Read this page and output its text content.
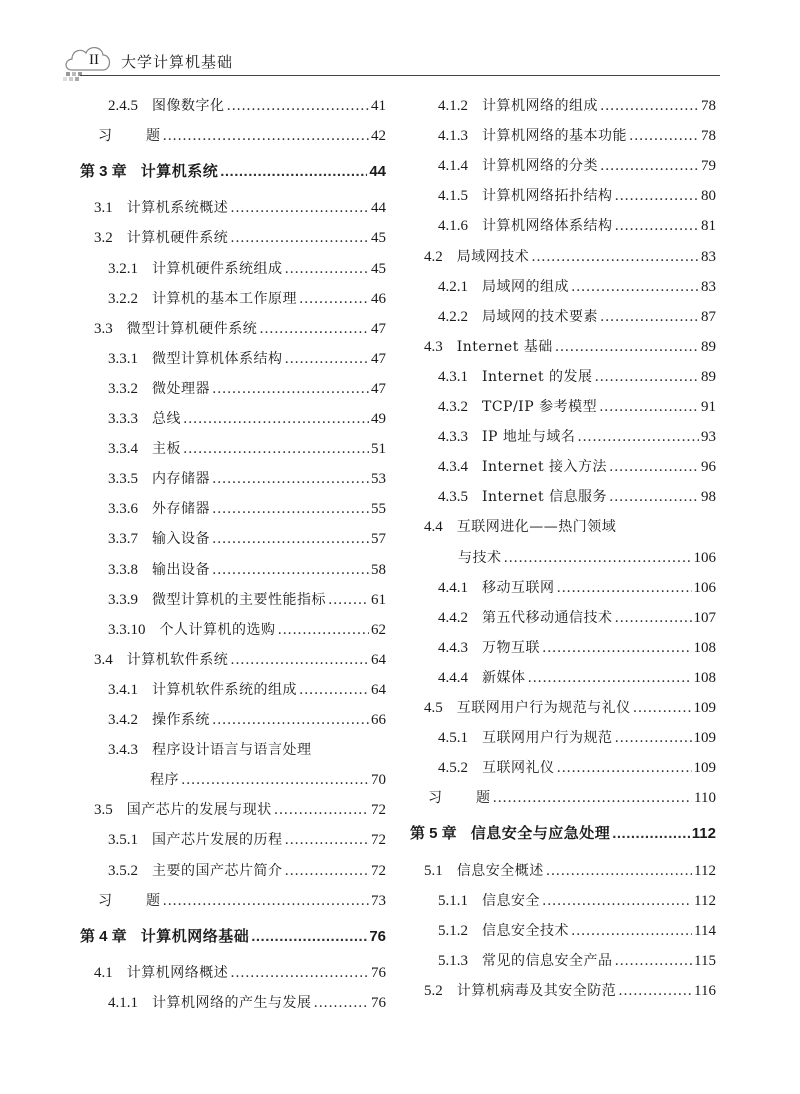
II 大学计算机基础
2.4.5 图像数字化 .....	41
习 题 .....	42
第 3 章 计算机系统 .....	44
3.1 计算机系统概述 .....	44
3.2 计算机硬件系统 .....	45
3.2.1 计算机硬件系统组成 .....	45
3.2.2 计算机的基本工作原理 .....	46
3.3 微型计算机硬件系统 .....	47
3.3.1 微型计算机体系结构 .....	47
3.3.2 微处理器 .....	47
3.3.3 总线 .....	49
3.3.4 主板 .....	51
3.3.5 内存储器 .....	53
3.3.6 外存储器 .....	55
3.3.7 输入设备 .....	57
3.3.8 输出设备 .....	58
3.3.9 微型计算机的主要性能指标 .....	61
3.3.10 个人计算机的选购 .....	62
3.4 计算机软件系统 .....	64
3.4.1 计算机软件系统的组成 .....	64
3.4.2 操作系统 .....	66
3.4.3 程序设计语言与语言处理
程序 .....	70
3.5 国产芯片的发展与现状 .....	72
3.5.1 国产芯片发展的历程 .....	72
3.5.2 主要的国产芯片简介 .....	72
习 题 .....	73
第 4 章 计算机网络基础 .....	76
4.1 计算机网络概述 .....	76
4.1.1 计算机网络的产生与发展 .....	76
4.1.2 计算机网络的组成 .....	78
4.1.3 计算机网络的基本功能 .....	78
4.1.4 计算机网络的分类 .....	79
4.1.5 计算机网络拓扑结构 .....	80
4.1.6 计算机网络体系结构 .....	81
4.2 局域网技术 .....	83
4.2.1 局域网的组成 .....	83
4.2.2 局域网的技术要素 .....	87
4.3 Internet 基础 .....	89
4.3.1 Internet 的发展 .....	89
4.3.2 TCP/IP 参考模型 .....	91
4.3.3 IP 地址与域名 .....	93
4.3.4 Internet 接入方法 .....	96
4.3.5 Internet 信息服务 .....	98
4.4 互联网进化——热门领域
与技术 .....	106
4.4.1 移动互联网 .....	106
4.4.2 第五代移动通信技术 .....	107
4.4.3 万物互联 .....	108
4.4.4 新媒体 .....	108
4.5 互联网用户行为规范与礼仪 .....	109
4.5.1 互联网用户行为规范 .....	109
4.5.2 互联网礼仪 .....	109
习 题 .....	110
第 5 章 信息安全与应急处理 .....	112
5.1 信息安全概述 .....	112
5.1.1 信息安全 .....	112
5.1.2 信息安全技术 .....	114
5.1.3 常见的信息安全产品 .....	115
5.2 计算机病毒及其安全防范 .....	116
